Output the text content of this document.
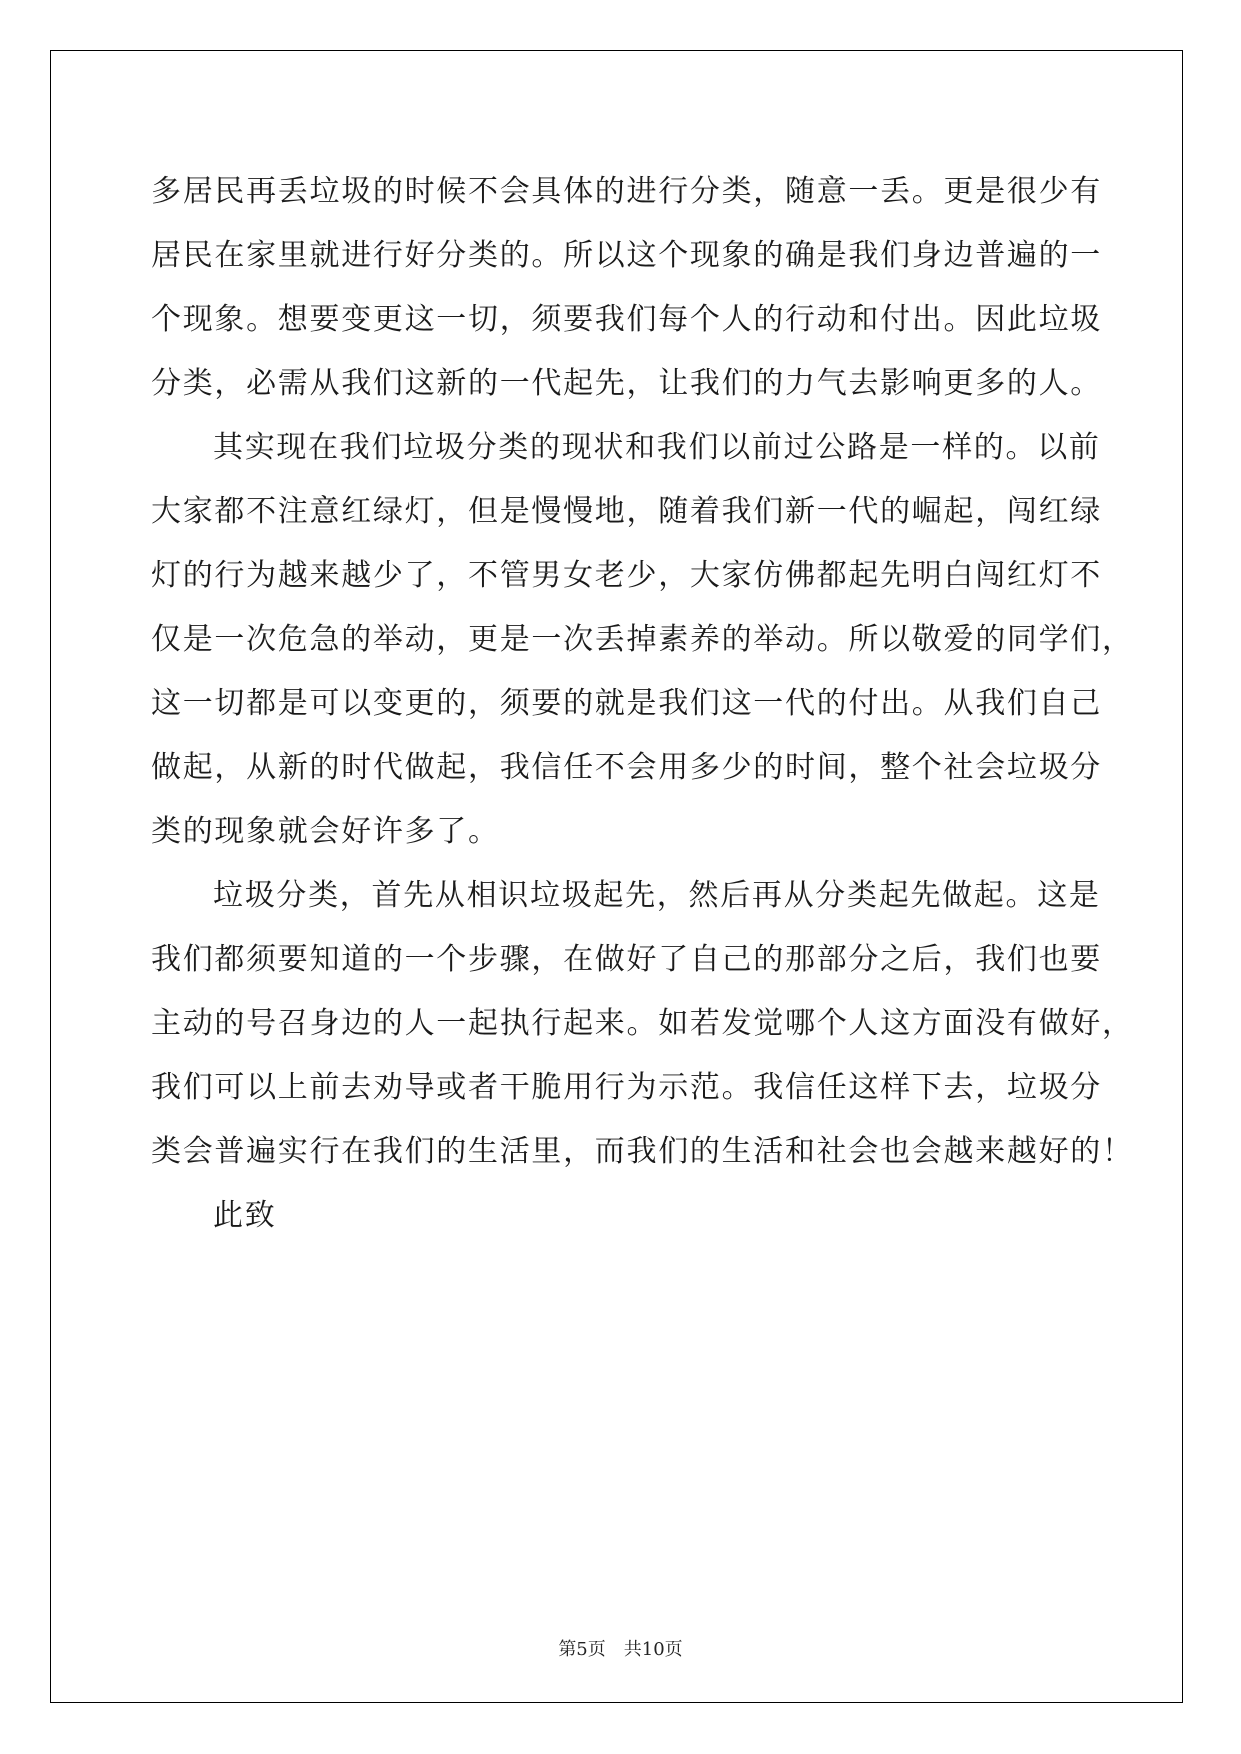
多居民再丢垃圾的时候不会具体的进行分类，随意一丢。更是很少有
居民在家里就进行好分类的。所以这个现象的确是我们身边普遍的一
个现象。想要变更这一切，须要我们每个人的行动和付出。因此垃圾
分类，必需从我们这新的一代起先，让我们的力气去影响更多的人。
其实现在我们垃圾分类的现状和我们以前过公路是一样的。以前
大家都不注意红绿灯，但是慢慢地，随着我们新一代的崛起，闯红绿
灯的行为越来越少了，不管男女老少，大家仿佛都起先明白闯红灯不
仅是一次危急的举动，更是一次丢掉素养的举动。所以敬爱的同学们，
这一切都是可以变更的，须要的就是我们这一代的付出。从我们自己
做起，从新的时代做起，我信任不会用多少的时间，整个社会垃圾分
类的现象就会好许多了。
垃圾分类，首先从相识垃圾起先，然后再从分类起先做起。这是
我们都须要知道的一个步骤，在做好了自己的那部分之后，我们也要
主动的号召身边的人一起执行起来。如若发觉哪个人这方面没有做好，
我们可以上前去劝导或者干脆用行为示范。我信任这样下去，垃圾分
类会普遍实行在我们的生活里，而我们的生活和社会也会越来越好的！
此致
第5页 共10页
